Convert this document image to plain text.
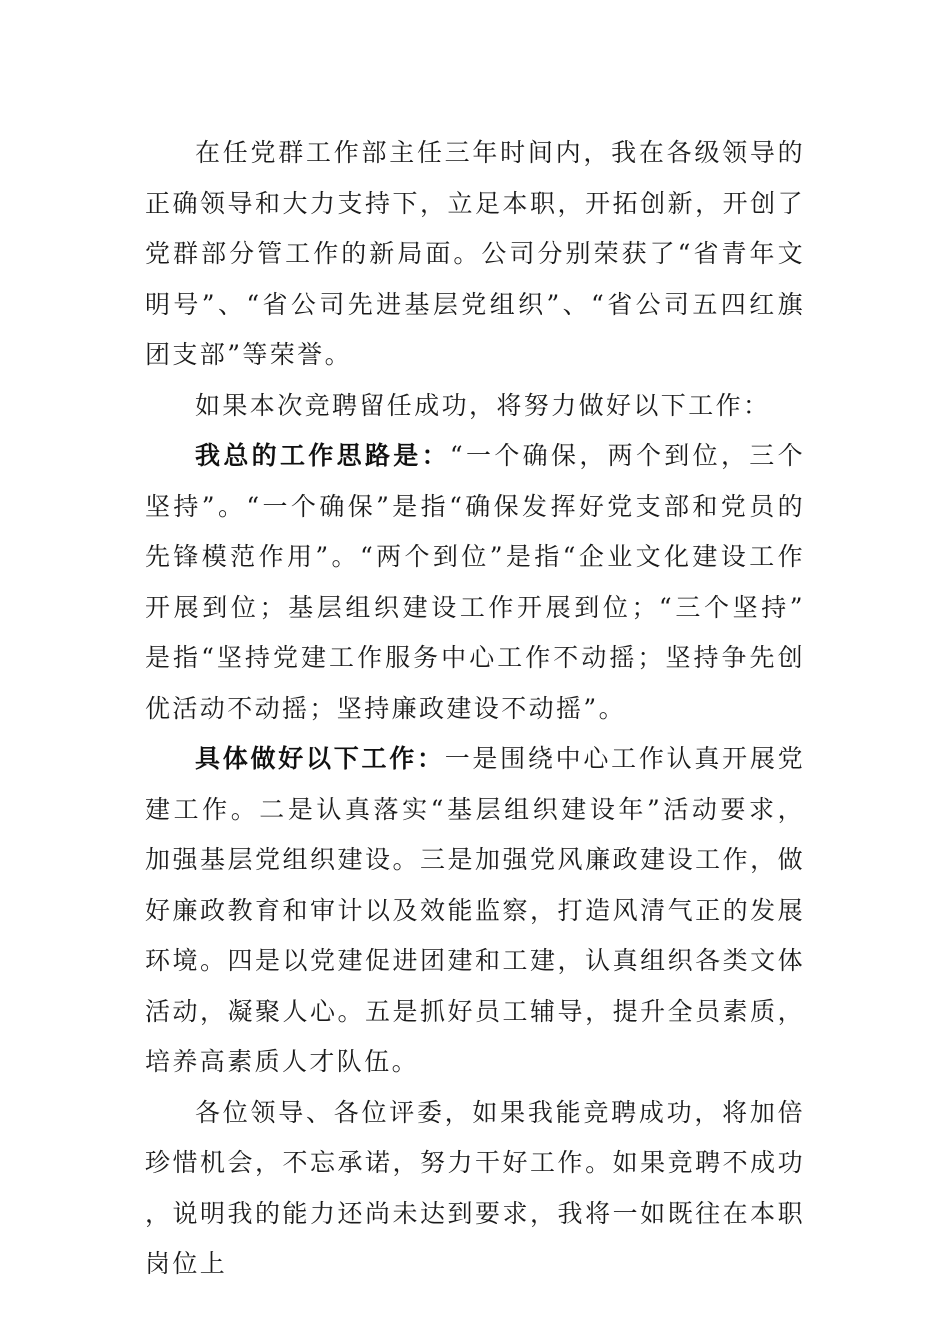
在任党群工作部主任三年时间内，我在各级领导的正确领导和大力支持下，立足本职，开拓创新，开创了党群部分管工作的新局面。公司分别荣获了“省青年文明号”、“省公司先进基层党组织”、“省公司五四红旗团支部”等荣誉。

如果本次竞聘留任成功，将努力做好以下工作：

我总的工作思路是：“一个确保，两个到位，三个坚持”。“一个确保”是指“确保发挥好党支部和党员的先锋模范作用”。“两个到位”是指“企业文化建设工作开展到位；基层组织建设工作开展到位；“三个坚持”是指“坚持党建工作服务中心工作不动摇；坚持争先创优活动不动摇；坚持廉政建设不动摇”。

具体做好以下工作：一是围绕中心工作认真开展党建工作。二是认真落实“基层组织建设年”活动要求，加强基层党组织建设。三是加强党风廉政建设工作，做好廉政教育和审计以及效能监察，打造风清气正的发展环境。四是以党建促进团建和工建，认真组织各类文体活动，凝聚人心。五是抓好员工辅导，提升全员素质，培养高素质人才队伍。

各位领导、各位评委，如果我能竞聘成功，将加倍珍惜机会，不忘承诺，努力干好工作。如果竞聘不成功，说明我的能力还尚未达到要求，我将一如既往在本职岗位上
